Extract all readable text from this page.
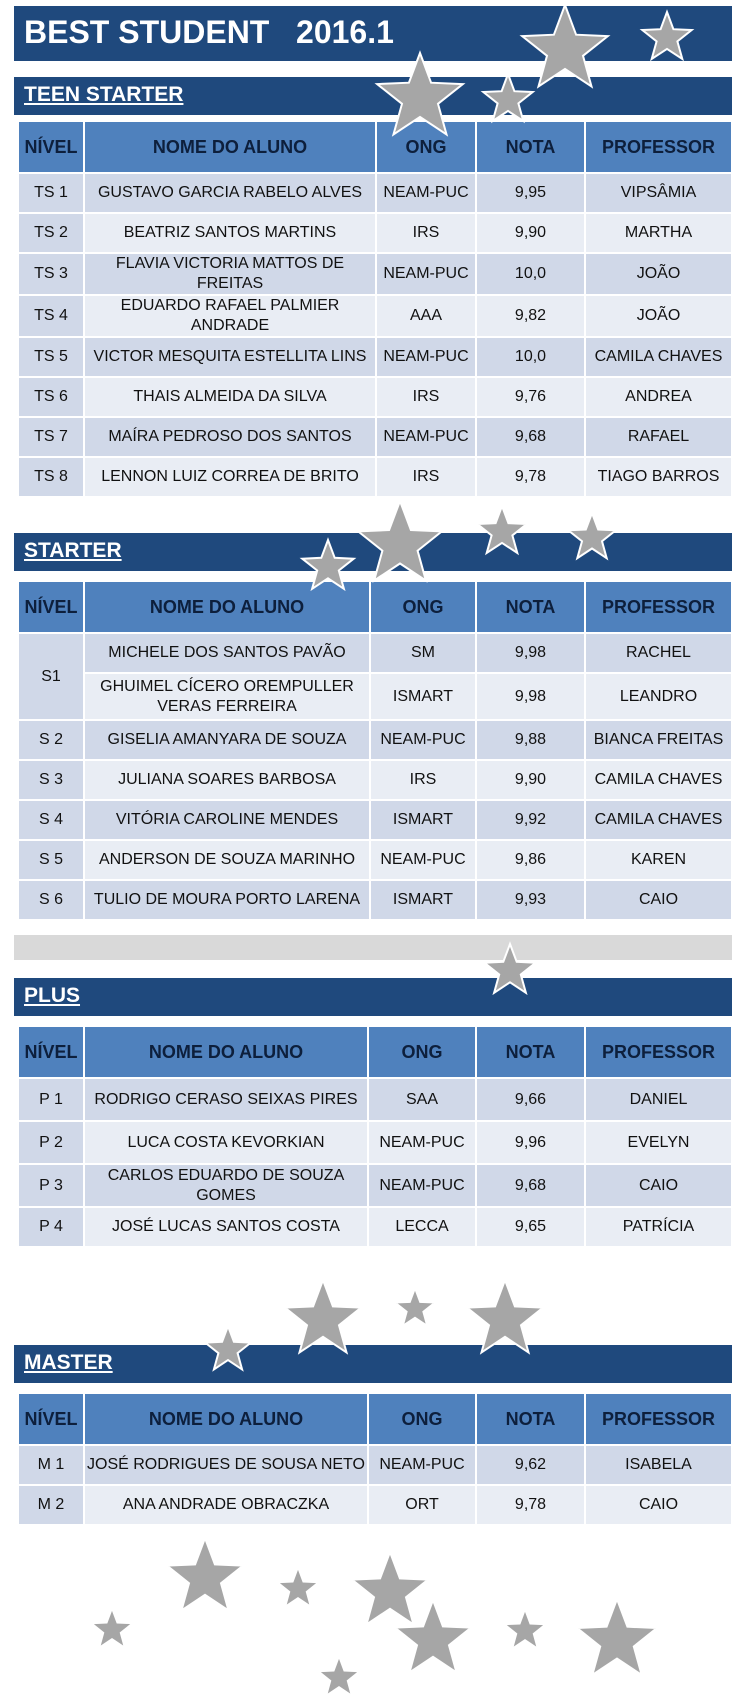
BEST STUDENT   2016.1
TEEN STARTER
NÍVEL	NOME DO ALUNO	ONG	NOTA	PROFESSOR
TS 1	GUSTAVO GARCIA RABELO ALVES	NEAM-PUC	9,95	VIPSÂMIA
TS 2	BEATRIZ SANTOS MARTINS	IRS	9,90	MARTHA
TS 3	FLAVIA VICTORIA MATTOS DE FREITAS	NEAM-PUC	10,0	JOÃO
TS 4	EDUARDO RAFAEL PALMIER ANDRADE	AAA	9,82	JOÃO
TS 5	VICTOR MESQUITA ESTELLITA LINS	NEAM-PUC	10,0	CAMILA CHAVES
TS 6	THAIS ALMEIDA DA SILVA	IRS	9,76	ANDREA
TS 7	MAÍRA PEDROSO DOS SANTOS	NEAM-PUC	9,68	RAFAEL
TS 8	LENNON LUIZ CORREA DE BRITO	IRS	9,78	TIAGO BARROS
STARTER
NÍVEL	NOME DO ALUNO	ONG	NOTA	PROFESSOR
S1	MICHELE DOS SANTOS PAVÃO	SM	9,98	RACHEL
	GHUIMEL CÍCERO OREMPULLER VERAS FERREIRA	ISMART	9,98	LEANDRO
S 2	GISELIA AMANYARA DE SOUZA	NEAM-PUC	9,88	BIANCA FREITAS
S 3	JULIANA SOARES BARBOSA	IRS	9,90	CAMILA CHAVES
S 4	VITÓRIA CAROLINE MENDES	ISMART	9,92	CAMILA CHAVES
S 5	ANDERSON DE SOUZA MARINHO	NEAM-PUC	9,86	KAREN
S 6	TULIO DE MOURA PORTO LARENA	ISMART	9,93	CAIO
PLUS
NÍVEL	NOME DO ALUNO	ONG	NOTA	PROFESSOR
P 1	RODRIGO CERASO SEIXAS PIRES	SAA	9,66	DANIEL
P 2	LUCA COSTA KEVORKIAN	NEAM-PUC	9,96	EVELYN
P 3	CARLOS EDUARDO DE SOUZA GOMES	NEAM-PUC	9,68	CAIO
P 4	JOSÉ LUCAS SANTOS COSTA	LECCA	9,65	PATRÍCIA
MASTER
NÍVEL	NOME DO ALUNO	ONG	NOTA	PROFESSOR
M 1	JOSÉ RODRIGUES DE SOUSA NETO	NEAM-PUC	9,62	ISABELA
M 2	ANA ANDRADE OBRACZKA	ORT	9,78	CAIO
